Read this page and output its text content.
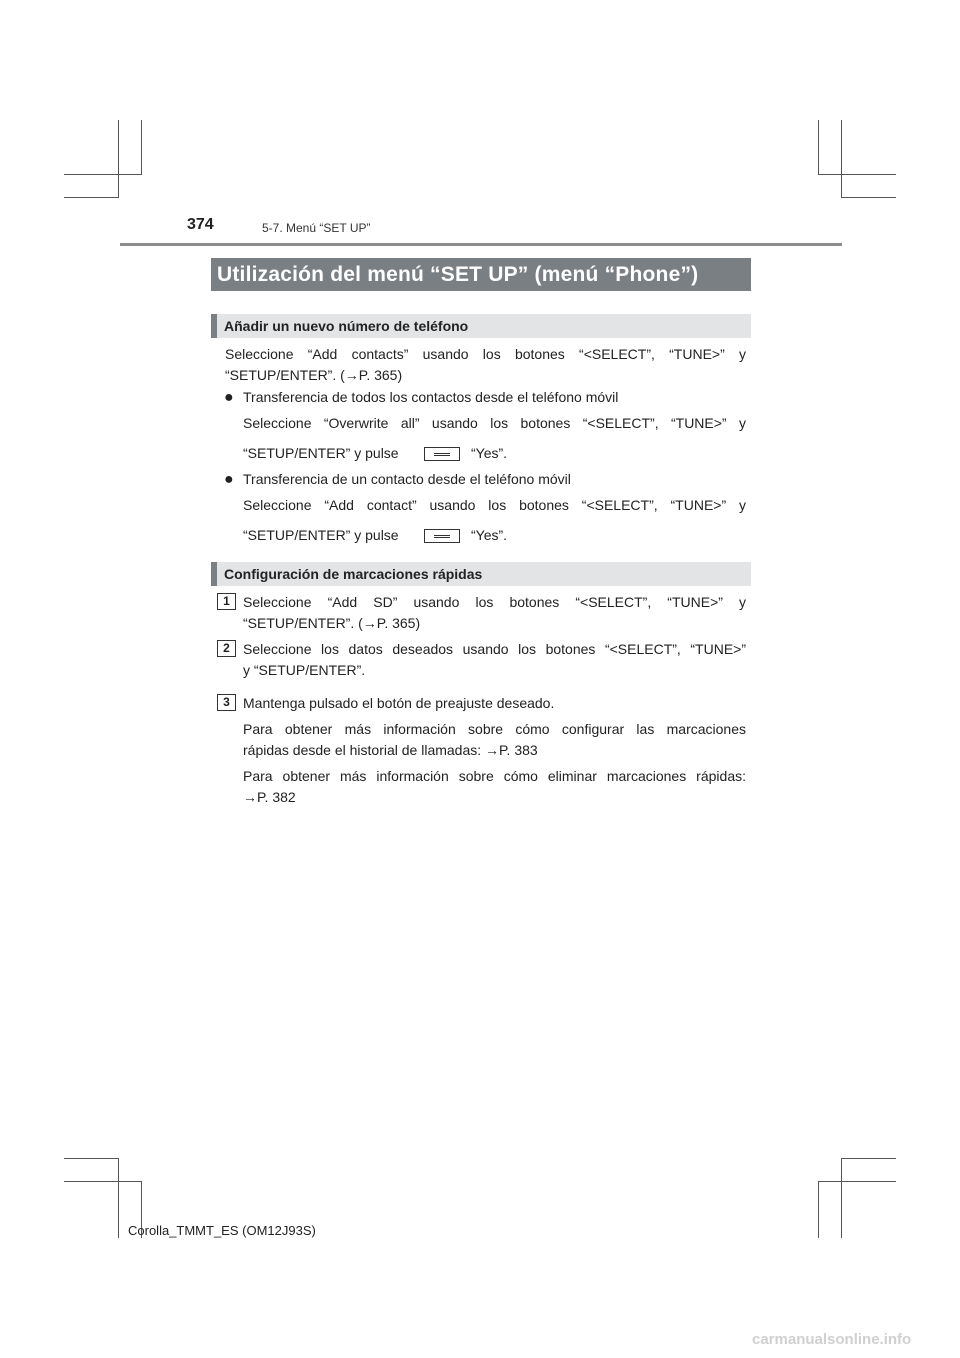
374	5-7. Menú “SET UP”
Utilización del menú “SET UP” (menú “Phone”)
Añadir un nuevo número de teléfono
Seleccione “Add contacts” usando los botones “<SELECT”, “TUNE>” y
“SETUP/ENTER”. (→P. 365)
● Transferencia de todos los contactos desde el teléfono móvil
Seleccione “Overwrite all” usando los botones “<SELECT”, “TUNE>” y
“SETUP/ENTER” y pulse	“Yes”.
● Transferencia de un contacto desde el teléfono móvil
Seleccione “Add contact” usando los botones “<SELECT”, “TUNE>” y
“SETUP/ENTER” y pulse	“Yes”.
Configuración de marcaciones rápidas
1 Seleccione “Add SD” usando los botones “<SELECT”, “TUNE>” y
“SETUP/ENTER”. (→P. 365)
2 Seleccione los datos deseados usando los botones “<SELECT”, “TUNE>”
y “SETUP/ENTER”.
3 Mantenga pulsado el botón de preajuste deseado.
Para obtener más información sobre cómo configurar las marcaciones
rápidas desde el historial de llamadas: →P. 383
Para obtener más información sobre cómo eliminar marcaciones rápidas:
→P. 382
Corolla_TMMT_ES (OM12J93S)
carmanualsonline.info
